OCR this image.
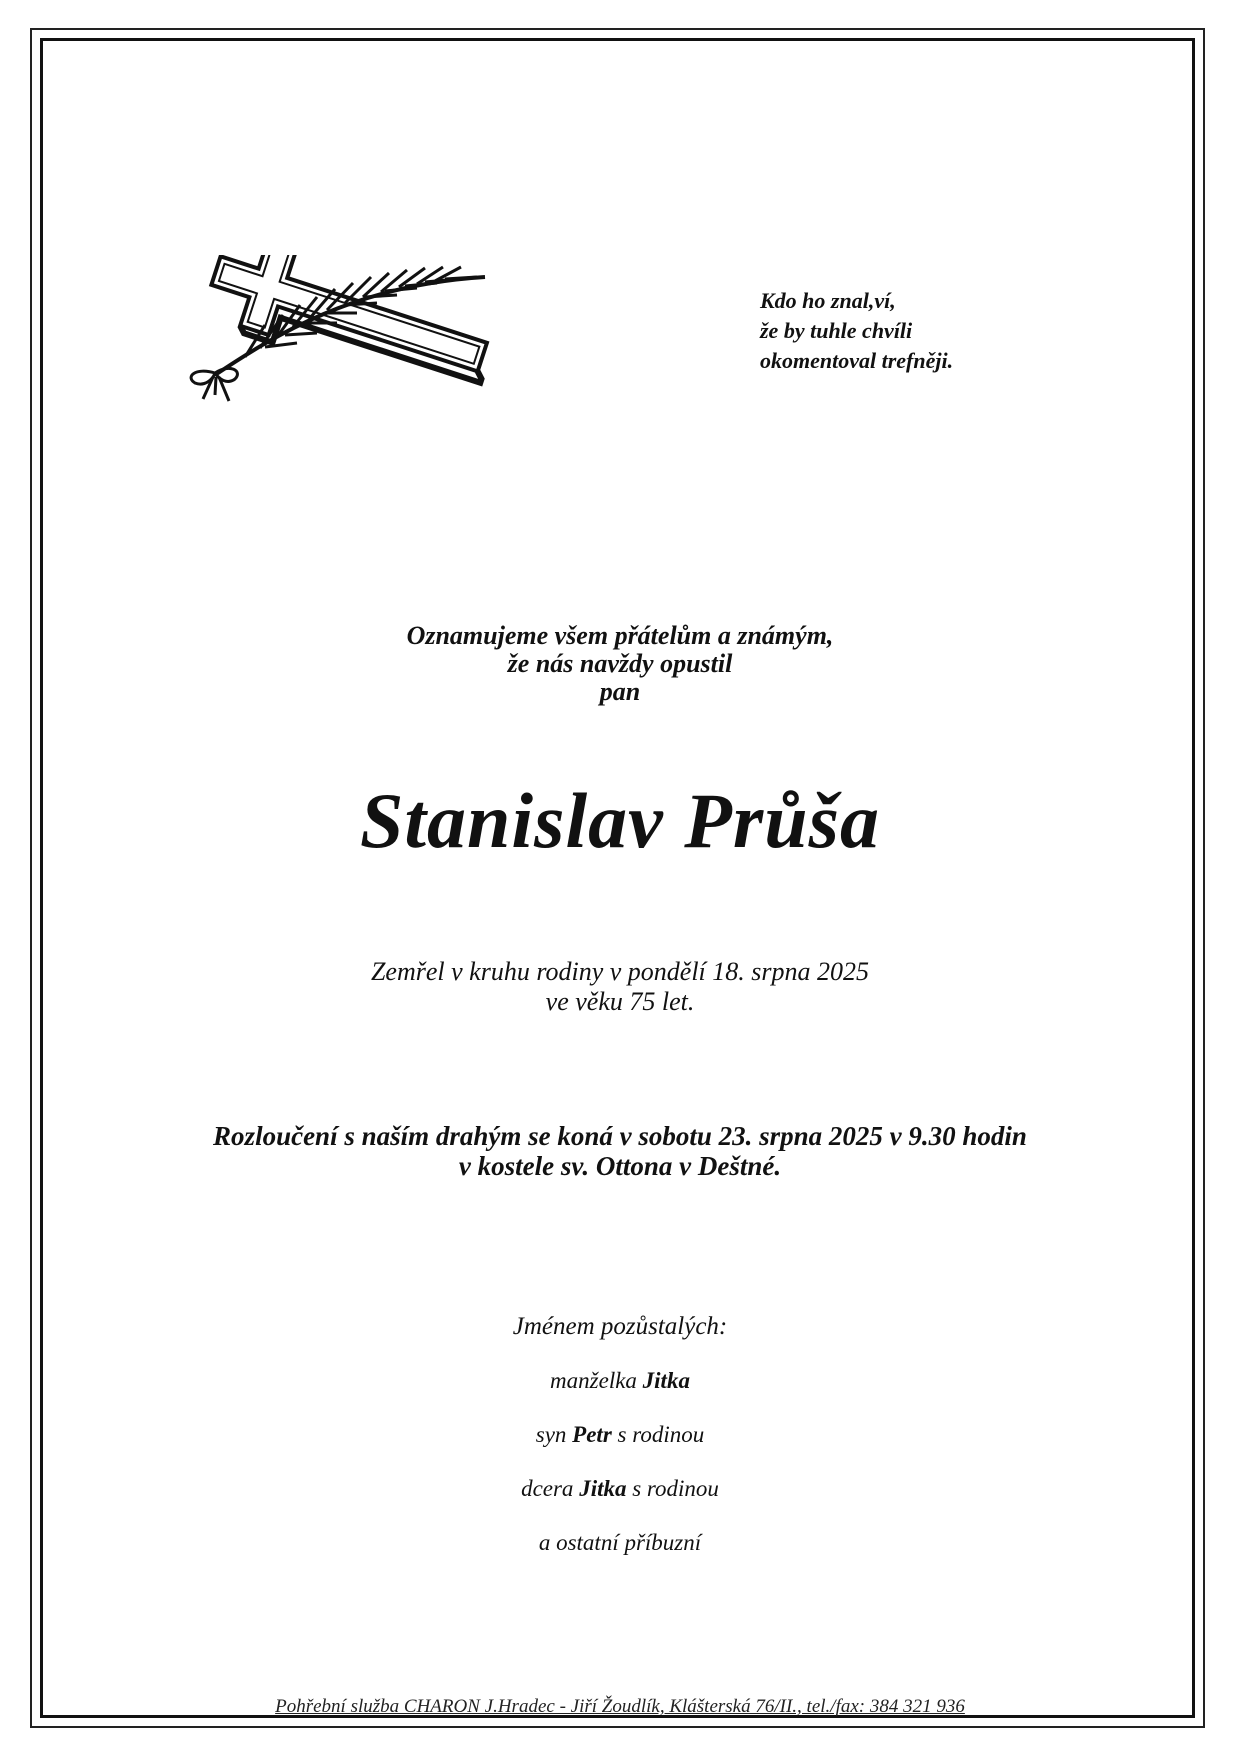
Kdo ho znal,ví,
že by tuhle chvíli
okomentoval trefněji.
Oznamujeme všem přátelům a známým,
že nás navždy opustil
pan
Stanislav Průša
Zemřel v kruhu rodiny v pondělí 18. srpna 2025
ve věku 75 let.
Rozloučení s naším drahým se koná v sobotu 23. srpna 2025 v 9.30 hodin
v kostele sv. Ottona v Deštné.
Jménem pozůstalých:
manželka Jitka
syn Petr s rodinou
dcera Jitka s rodinou
a ostatní příbuzní
Pohřební služba CHARON J.Hradec - Jiří Žoudlík, Klášterská 76/II., tel./fax: 384 321 936
